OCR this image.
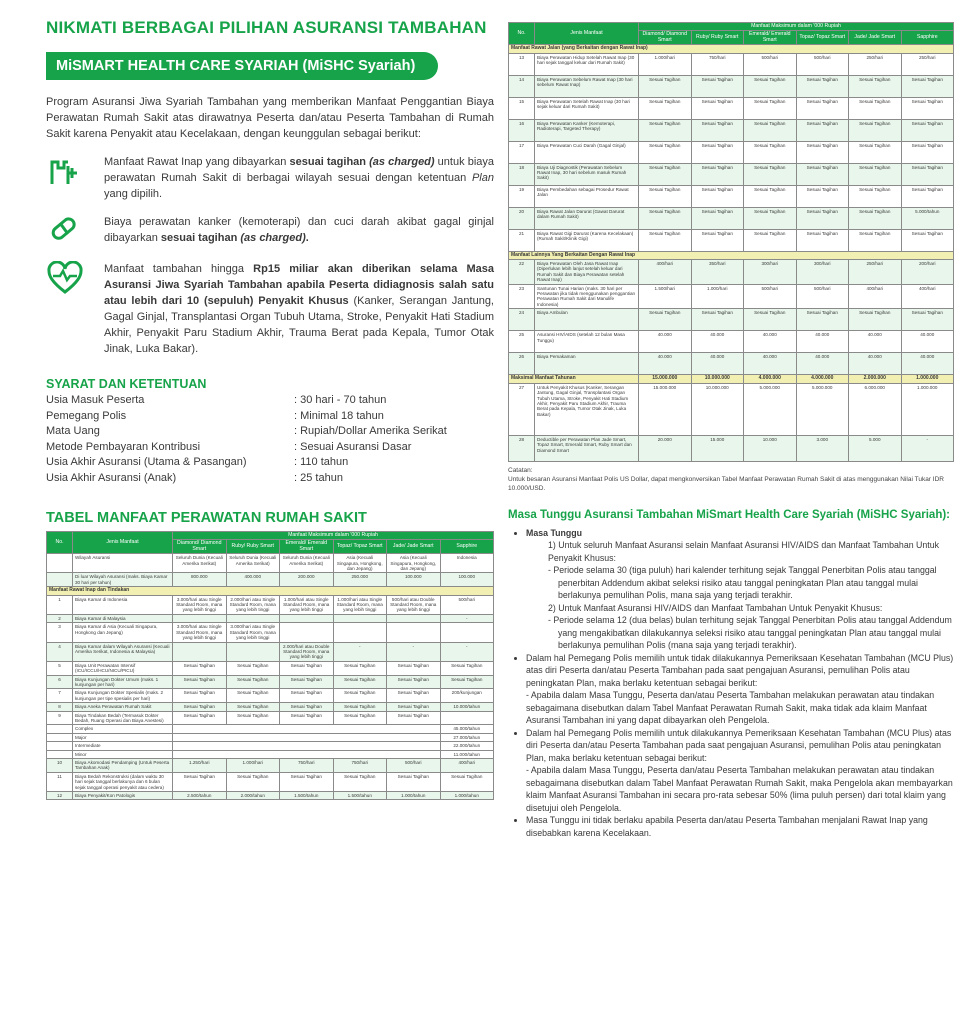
NIKMATI BERBAGAI PILIHAN ASURANSI TAMBAHAN
MiSMART HEALTH CARE SYARIAH (MiSHC Syariah)
Program Asuransi Jiwa Syariah Tambahan yang memberikan Manfaat Penggantian Biaya Perawatan Rumah Sakit atas dirawatnya Peserta dan/atau Peserta Tambahan di Rumah Sakit karena Penyakit atau Kecelakaan, dengan keunggulan sebagai berikut:
Manfaat Rawat Inap yang dibayarkan sesuai tagihan (as charged) untuk biaya perawatan Rumah Sakit di berbagai wilayah sesuai dengan ketentuan Plan yang dipilih.
Biaya perawatan kanker (kemoterapi) dan cuci darah akibat gagal ginjal dibayarkan sesuai tagihan (as charged).
Manfaat tambahan hingga Rp15 miliar akan diberikan selama Masa Asuransi Jiwa Syariah Tambahan apabila Peserta didiagnosis salah satu atau lebih dari 10 (sepuluh) Penyakit Khusus (Kanker, Serangan Jantung, Gagal Ginjal, Transplantasi Organ Tubuh Utama, Stroke, Penyakit Hati Stadium Akhir, Penyakit Paru Stadium Akhir, Trauma Berat pada Kepala, Tumor Otak Jinak, Luka Bakar).
SYARAT DAN KETENTUAN
Usia Masuk Peserta	: 30 hari - 70 tahun
Pemegang Polis	: Minimal 18 tahun
Mata Uang	: Rupiah/Dollar Amerika Serikat
Metode Pembayaran Kontribusi	: Sesuai Asuransi Dasar
Usia Akhir Asuransi (Utama & Pasangan)	: 110 tahun
Usia Akhir Asuransi (Anak)	: 25 tahun
TABEL MANFAAT PERAWATAN RUMAH SAKIT
No.	Jenis Manfaat	Manfaat Maksimum dalam '000 Rupiah					
		Diamond/ Diamond Smart	Ruby/ Ruby Smart	Emerald/ Emerald Smart	Topaz/ Topaz Smart	Jade/ Jade Smart	Sapphire
	Wilayah Asuransi	Seluruh Dunia (Kecuali Amerika Serikat)	Seluruh Dunia (Kecuali Amerika Serikat)	Seluruh Dunia (Kecuali Amerika Serikat)	Asia (Kecuali Singapura, Hongkong, dan Jepang)	Asia (Kecuali Singapura, Hongkong, dan Jepang)	Indonesia
	Di luar Wilayah Asuransi (maks. Biaya Kamar 30 hari per tahun)	800.000	400.000	200.000	250.000	100.000	100.000
Manfaat Rawat Inap dan Tindakan							
1	Biaya Kamar di Indonesia	3.000/hari atau Single Standard Room, mana yang lebih tinggi	2.000/hari atau Single Standard Room, mana yang lebih tinggi	1.000/hari atau Single Standard Room, mana yang lebih tinggi	1.000/hari atau Single Standard Room, mana yang lebih tinggi	500/hari atau Double Standard Room, mana yang lebih tinggi	500/hari
2	Biaya Kamar di Malaysia						-
3	Biaya Kamar di Asia (Kecuali Singapura, Hongkong dan Jepang)	3.000/hari atau Single Standard Room, mana yang lebih tinggi	3.000/hari atau Single Standard Room, mana yang lebih tinggi				
4	Biaya Kamar dalam Wilayah Asuransi (Kecuali Amerika Serikat, Indonesia & Malaysia)			2.000/hari atau Double Standard Room, mana yang lebih tinggi	-	-	-
5	Biaya Unit Perawatan Intensif (ICU/ICCU/HCU/NICU/PICU)	Sesuai Tagihan	Sesuai Tagihan	Sesuai Tagihan	Sesuai Tagihan	Sesuai Tagihan	Sesuai Tagihan
6	Biaya Kunjungan Dokter Umum (maks. 1 kunjungan per hari)	Sesuai Tagihan	Sesuai Tagihan	Sesuai Tagihan	Sesuai Tagihan	Sesuai Tagihan	Sesuai Tagihan
7	Biaya Kunjungan Dokter Spesialis (maks. 2 kunjungan per tipe spesialis per hari)	Sesuai Tagihan	Sesuai Tagihan	Sesuai Tagihan	Sesuai Tagihan	Sesuai Tagihan	200/kunjungan
8	Biaya Aneka Perawatan Rumah Sakit	Sesuai Tagihan	Sesuai Tagihan	Sesuai Tagihan	Sesuai Tagihan	Sesuai Tagihan	10.000/tahun
9	Biaya Tindakan Bedah (Termasuk Dokter Bedah, Ruang Operasi dan Biaya Anestesi)	Sesuai Tagihan	Sesuai Tagihan	Sesuai Tagihan	Sesuai Tagihan	Sesuai Tagihan	
	Complex						45.000/tahun
	Major						27.000/tahun
	Intermediate						22.000/tahun
	Minor						11.000/tahun
10	Biaya Akomodasi Pendamping (Untuk Peserta Tambahan Anak)	1.250/hari	1.000/hari	750/hari	750/hari	500/hari	400/hari
11	Biaya Bedah Rekonstruksi (dalam waktu 30 hari sejak tanggal berlakunya dan 6 bulan sejak tanggal operasi penyakit atau cedera)	Sesuai Tagihan	Sesuai Tagihan	Sesuai Tagihan	Sesuai Tagihan	Sesuai Tagihan	Sesuai Tagihan
12	Biaya Penyakit/Kon Patologis	2.500/tahun	2.000/tahun	1.500/tahun	1.500/tahun	1.000/tahun	1.000/tahun
No.	Jenis Manfaat	Manfaat Maksimum dalam '000 Rupiah					
		Diamond/ Diamond Smart	Ruby/ Ruby Smart	Emerald/ Emerald Smart	Topaz/ Topaz Smart	Jade/ Jade Smart	Sapphire
Manfaat Rawat Jalan (yang Berkaitan dengan Rawat Inap)							
13	Biaya Perawatan Hidup Setelah Rawat Inap (30 hari sejak tanggal keluar dari Rumah Sakit)	1.000/hari	750/hari	500/hari	500/hari	250/hari	250/hari
14	Biaya Perawatan Sebelum Rawat Inap (30 hari sebelum Rawat Inap)	Sesuai Tagihan	Sesuai Tagihan	Sesuai Tagihan	Sesuai Tagihan	Sesuai Tagihan	Sesuai Tagihan
15	Biaya Perawatan Setelah Rawat Inap (30 hari sejak keluar dari Rumah Sakit)	Sesuai Tagihan	Sesuai Tagihan	Sesuai Tagihan	Sesuai Tagihan	Sesuai Tagihan	Sesuai Tagihan
16	Biaya Perawatan Kanker (Kemoterapi, Radioterapi, Targeted Therapy)	Sesuai Tagihan	Sesuai Tagihan	Sesuai Tagihan	Sesuai Tagihan	Sesuai Tagihan	Sesuai Tagihan
17	Biaya Perawatan Cuci Darah (Gagal Ginjal)	Sesuai Tagihan	Sesuai Tagihan	Sesuai Tagihan	Sesuai Tagihan	Sesuai Tagihan	Sesuai Tagihan
18	Biaya Uji Diagnostik (Perawatan Sebelum Rawat Inap, 30 hari sebelum masuk Rumah Sakit)	Sesuai Tagihan	Sesuai Tagihan	Sesuai Tagihan	Sesuai Tagihan	Sesuai Tagihan	Sesuai Tagihan
19	Biaya Pembedahan sebagai Prosedur Rawat Jalan	Sesuai Tagihan	Sesuai Tagihan	Sesuai Tagihan	Sesuai Tagihan	Sesuai Tagihan	Sesuai Tagihan
20	Biaya Rawat Jalan Darurat (Gawat Darurat dalam Rumah Sakit)	Sesuai Tagihan	Sesuai Tagihan	Sesuai Tagihan	Sesuai Tagihan	Sesuai Tagihan	5.000/tahun
21	Biaya Rawat Gigi Darurat (Karena Kecelakaan) (Rumah Sakit/Klinik Gigi)	Sesuai Tagihan	Sesuai Tagihan	Sesuai Tagihan	Sesuai Tagihan	Sesuai Tagihan	Sesuai Tagihan
Manfaat Lainnya Yang Berkaitan Dengan Rawat Inap							
22	Biaya Perawatan Oleh Jasa Rawat Inap (Diperlukan lebih lanjut setelah keluar dari Rumah Sakit dan Biaya Perawatan setelah Rawat Inap)	400/hari	350/hari	300/hari	300/hari	250/hari	200/hari
23	Santunan Tunai Harian (maks. 30 hari per Perawatan jika tidak menggunakan penggantian Perawatan Rumah Sakit dari Manulife Indonesia)	1.500/hari	1.000/hari	500/hari	500/hari	400/hari	400/hari
24	Biaya Ambulan	Sesuai Tagihan	Sesuai Tagihan	Sesuai Tagihan	Sesuai Tagihan	Sesuai Tagihan	Sesuai Tagihan
25	Asuransi HIV/AIDS (setelah 12 bulan Masa Tunggu)	40.000	40.000	40.000	40.000	40.000	40.000
26	Biaya Pemakaman	40.000	40.000	40.000	40.000	40.000	40.000
Maksimal Manfaat Tahunan		15.000.000	10.000.000	4.000.000	4.000.000	2.000.000	1.000.000
27	Untuk Penyakit Khusus (Kanker, Serangan Jantung, Gagal Ginjal, Transplantasi Organ Tubuh Utama, Stroke, Penyakit Hati Stadium Akhir, Penyakit Paru Stadium Akhir, Trauma Berat pada Kepala, Tumor Otak Jinak, Luka Bakar)	15.000.000	10.000.000	5.000.000	5.000.000	6.000.000	1.000.000
28	Deductible per Perawatan Plan Jade Smart, Topaz Smart, Emerald Smart, Ruby Smart dan Diamond Smart	20.000	15.000	10.000	3.000	5.000	-
Catatan:
Untuk besaran Asuransi Manfaat Polis US Dollar, dapat mengkonversikan Tabel Manfaat Perawatan Rumah Sakit di atas menggunakan Nilai Tukar IDR 10.000/USD.
Masa Tunggu Asuransi Tambahan MiSmart Health Care Syariah (MiSHC Syariah):
• Masa Tunggu
1) Untuk seluruh Manfaat Asuransi selain Manfaat Asuransi HIV/AIDS dan Manfaat Tambahan Untuk Penyakit Khusus:
- Periode selama 30 (tiga puluh) hari kalender terhitung sejak Tanggal Penerbitan Polis atau tanggal penerbitan Addendum akibat seleksi risiko atau tanggal peningkatan Plan atau tanggal mulai berlakunya pemulihan Polis, mana saja yang terjadi terakhir.
2) Untuk Manfaat Asuransi HIV/AIDS dan Manfaat Tambahan Untuk Penyakit Khusus:
- Periode selama 12 (dua belas) bulan terhitung sejak Tanggal Penerbitan Polis atau tanggal Addendum yang mengakibatkan dilakukannya seleksi risiko atau tanggal peningkatan Plan atau tanggal mulai berlakunya pemulihan Polis (mana saja yang terjadi terakhir).
• Dalam hal Pemegang Polis memilih untuk tidak dilakukannya Pemeriksaan Kesehatan Tambahan (MCU Plus) atas diri Peserta dan/atau Peserta Tambahan pada saat pengajuan Asuransi, pemulihan Polis atau peningkatan Plan, maka berlaku ketentuan sebagai berikut:
- Apabila dalam Masa Tunggu, Peserta dan/atau Peserta Tambahan melakukan perawatan atau tindakan sebagaimana disebutkan dalam Tabel Manfaat Perawatan Rumah Sakit, maka tidak ada klaim Manfaat Asuransi Tambahan ini yang dapat dibayarkan oleh Pengelola.
• Dalam hal Pemegang Polis memilih untuk dilakukannya Pemeriksaan Kesehatan Tambahan (MCU Plus) atas diri Peserta dan/atau Peserta Tambahan pada saat pengajuan Asuransi, pemulihan Polis atau peningkatan Plan, maka berlaku ketentuan sebagai berikut:
- Apabila dalam Masa Tunggu, Peserta dan/atau Peserta Tambahan melakukan perawatan atau tindakan sebagaimana disebutkan dalam Tabel Manfaat Perawatan Rumah Sakit, maka Pengelola akan membayarkan klaim Manfaat Asuransi Tambahan ini secara pro-rata sebesar 50% (lima puluh persen) dari total klaim yang disetujui oleh Pengelola.
• Masa Tunggu ini tidak berlaku apabila Peserta dan/atau Peserta Tambahan menjalani Rawat Inap yang disebabkan karena Kecelakaan.
